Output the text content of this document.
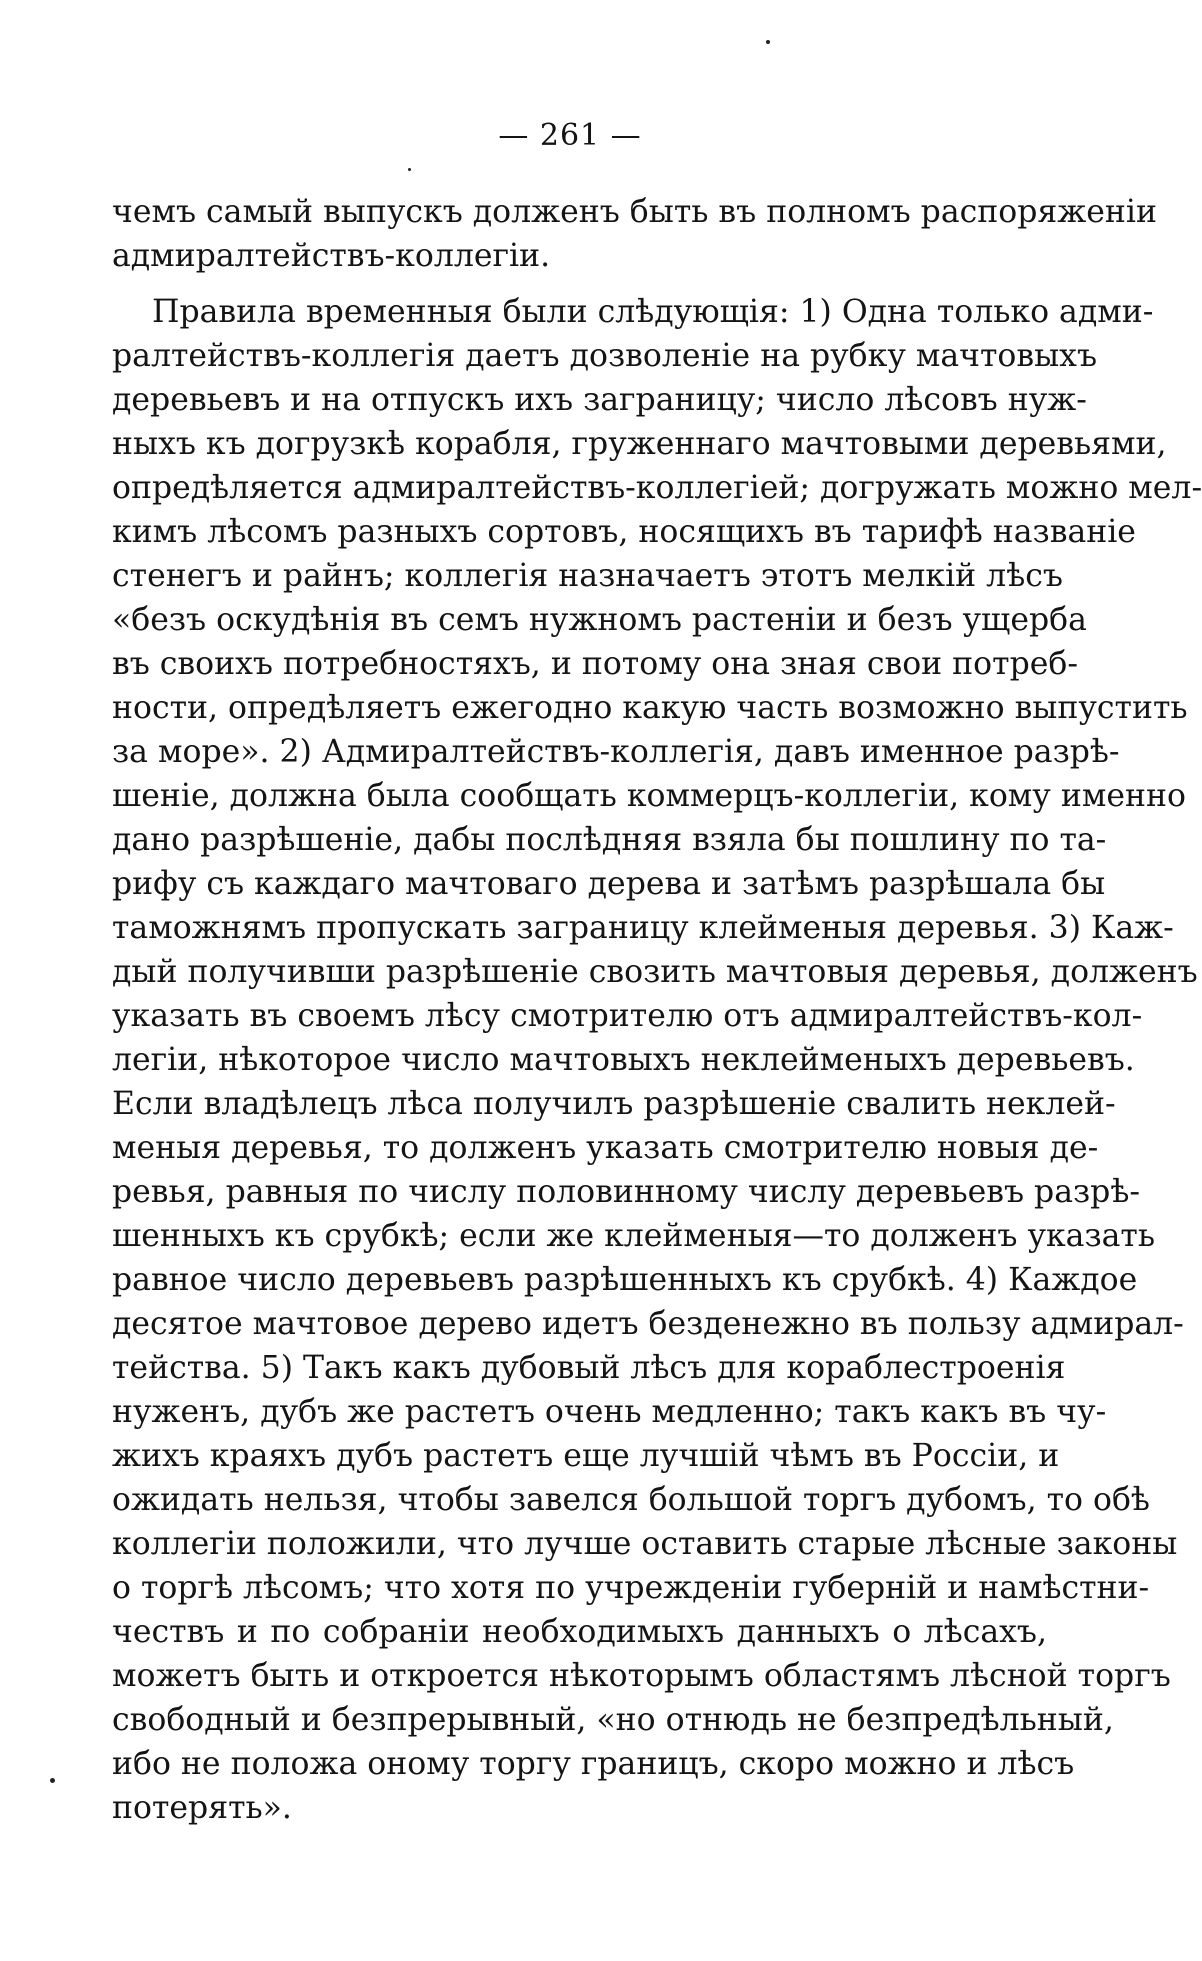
— 261 —
чемъ самый выпускъ долженъ быть въ полномъ распоряженіи
адмиралтействъ-коллегіи.
Правила временныя были слѣдующія: 1) Одна только адми-
ралтействъ-коллегія даетъ дозволеніе на рубку мачтовыхъ
деревьевъ и на отпускъ ихъ заграницу; число лѣсовъ нуж-
ныхъ къ догрузкѣ корабля, груженнаго мачтовыми деревьями,
опредѣляется адмиралтействъ-коллегіей; догружать можно мел-
кимъ лѣсомъ разныхъ сортовъ, носящихъ въ тарифѣ названіе
стенегъ и райнъ; коллегія назначаетъ этотъ мелкій лѣсъ
«безъ оскудѣнія въ семъ нужномъ растеніи и безъ ущерба
въ своихъ потребностяхъ, и потому она зная свои потреб-
ности, опредѣляетъ ежегодно какую часть возможно выпустить
за море». 2) Адмиралтействъ-коллегія, давъ именное разрѣ-
шеніе, должна была сообщать коммерцъ-коллегіи, кому именно
дано разрѣшеніе, дабы послѣдняя взяла бы пошлину по та-
рифу съ каждаго мачтоваго дерева и затѣмъ разрѣшала бы
таможнямъ пропускать заграницу клейменыя деревья. 3) Каж-
дый получивши разрѣшеніе свозить мачтовыя деревья, долженъ
указать въ своемъ лѣсу смотрителю отъ адмиралтействъ-кол-
легіи, нѣкоторое число мачтовыхъ неклейменыхъ деревьевъ.
Если владѣлецъ лѣса получилъ разрѣшеніе свалить неклей-
меныя деревья, то долженъ указать смотрителю новыя де-
ревья, равныя по числу половинному числу деревьевъ разрѣ-
шенныхъ къ срубкѣ; если же клейменыя—то долженъ указать
равное число деревьевъ разрѣшенныхъ къ срубкѣ. 4) Каждое
десятое мачтовое дерево идетъ безденежно въ пользу адмирал-
тейства. 5) Такъ какъ дубовый лѣсъ для кораблестроенія
нуженъ, дубъ же растетъ очень медленно; такъ какъ въ чу-
жихъ краяхъ дубъ растетъ еще лучшій чѣмъ въ Россіи, и
ожидать нельзя, чтобы завелся большой торгъ дубомъ, то обѣ
коллегіи положили, что лучше оставить старые лѣсные законы
о торгѣ лѣсомъ; что хотя по учрежденіи губерній и намѣстни-
чествъ и по собраніи необходимыхъ данныхъ о лѣсахъ,
можетъ быть и откроется нѣкоторымъ областямъ лѣсной торгъ
свободный и безпрерывный, «но отнюдь не безпредѣльный,
ибо не положа оному торгу границъ, скоро можно и лѣсъ
потерять».
